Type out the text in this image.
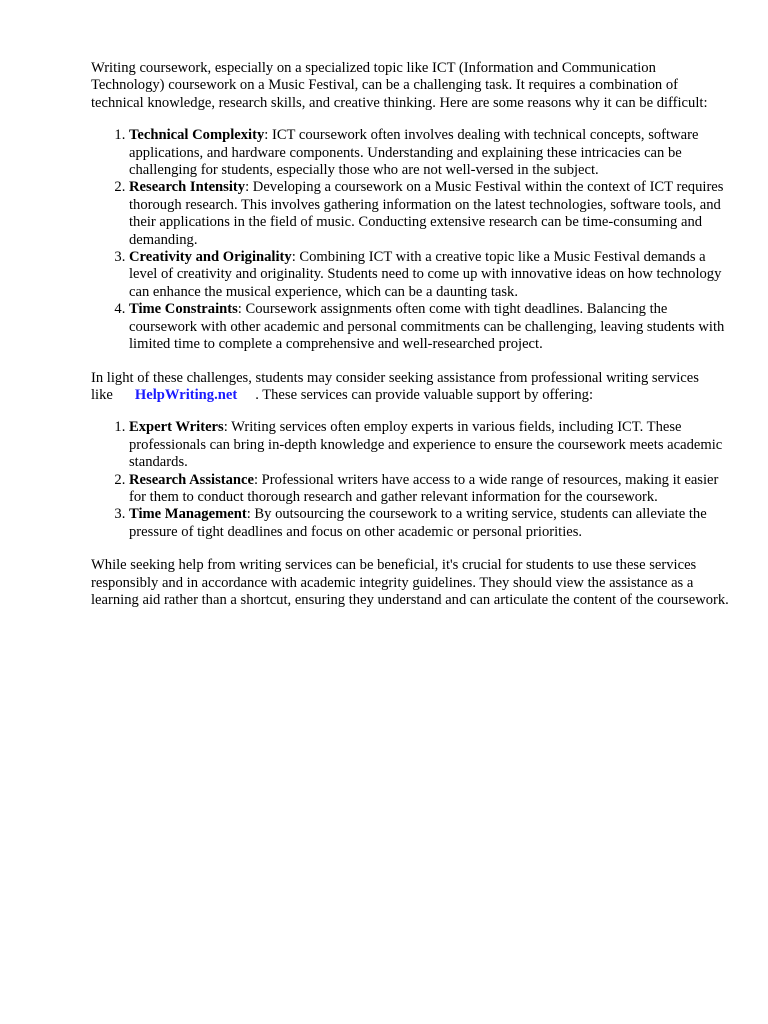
Writing coursework, especially on a specialized topic like ICT (Information and Communication Technology) coursework on a Music Festival, can be a challenging task. It requires a combination of technical knowledge, research skills, and creative thinking. Here are some reasons why it can be difficult:

1. Technical Complexity: ICT coursework often involves dealing with technical concepts, software applications, and hardware components. Understanding and explaining these intricacies can be challenging for students, especially those who are not well-versed in the subject.
2. Research Intensity: Developing a coursework on a Music Festival within the context of ICT requires thorough research. This involves gathering information on the latest technologies, software tools, and their applications in the field of music. Conducting extensive research can be time-consuming and demanding.
3. Creativity and Originality: Combining ICT with a creative topic like a Music Festival demands a level of creativity and originality. Students need to come up with innovative ideas on how technology can enhance the musical experience, which can be a daunting task.
4. Time Constraints: Coursework assignments often come with tight deadlines. Balancing the coursework with other academic and personal commitments can be challenging, leaving students with limited time to complete a comprehensive and well-researched project.

In light of these challenges, students may consider seeking assistance from professional writing services like HelpWriting.net . These services can provide valuable support by offering:

1. Expert Writers: Writing services often employ experts in various fields, including ICT. These professionals can bring in-depth knowledge and experience to ensure the coursework meets academic standards.
2. Research Assistance: Professional writers have access to a wide range of resources, making it easier for them to conduct thorough research and gather relevant information for the coursework.
3. Time Management: By outsourcing the coursework to a writing service, students can alleviate the pressure of tight deadlines and focus on other academic or personal priorities.

While seeking help from writing services can be beneficial, it's crucial for students to use these services responsibly and in accordance with academic integrity guidelines. They should view the assistance as a learning aid rather than a shortcut, ensuring they understand and can articulate the content of the coursework.
